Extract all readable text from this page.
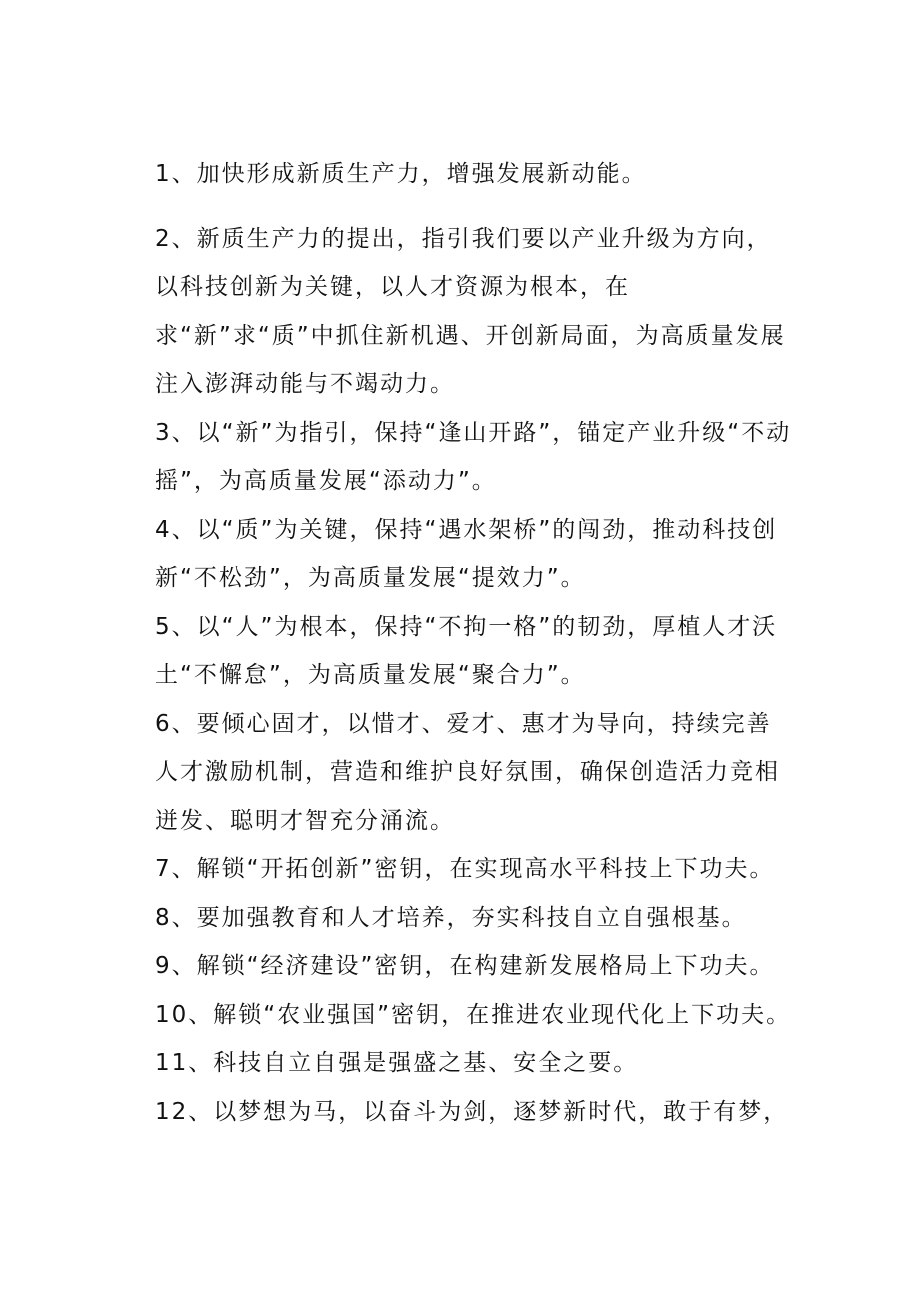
1、加快形成新质生产力，增强发展新动能。

2、新质生产力的提出，指引我们要以产业升级为方向，以科技创新为关键，以人才资源为根本，在求“新”求“质”中抓住新机遇、开创新局面，为高质量发展注入澎湃动能与不竭动力。

3、以“新”为指引，保持“逢山开路”，锚定产业升级“不动摇”，为高质量发展“添动力”。

4、以“质”为关键，保持“遇水架桥”的闯劲，推动科技创新“不松劲”，为高质量发展“提效力”。

5、以“人”为根本，保持“不拘一格”的韧劲，厚植人才沃土“不懈怠”，为高质量发展“聚合力”。

6、要倾心固才，以惜才、爱才、惠才为导向，持续完善人才激励机制，营造和维护良好氛围，确保创造活力竞相迸发、聪明才智充分涌流。

7、解锁“开拓创新”密钥，在实现高水平科技上下功夫。

8、要加强教育和人才培养，夯实科技自立自强根基。

9、解锁“经济建设”密钥，在构建新发展格局上下功夫。

10、解锁“农业强国”密钥，在推进农业现代化上下功夫。

11、科技自立自强是强盛之基、安全之要。

12、以梦想为马，以奋斗为剑，逐梦新时代，敢于有梦，
